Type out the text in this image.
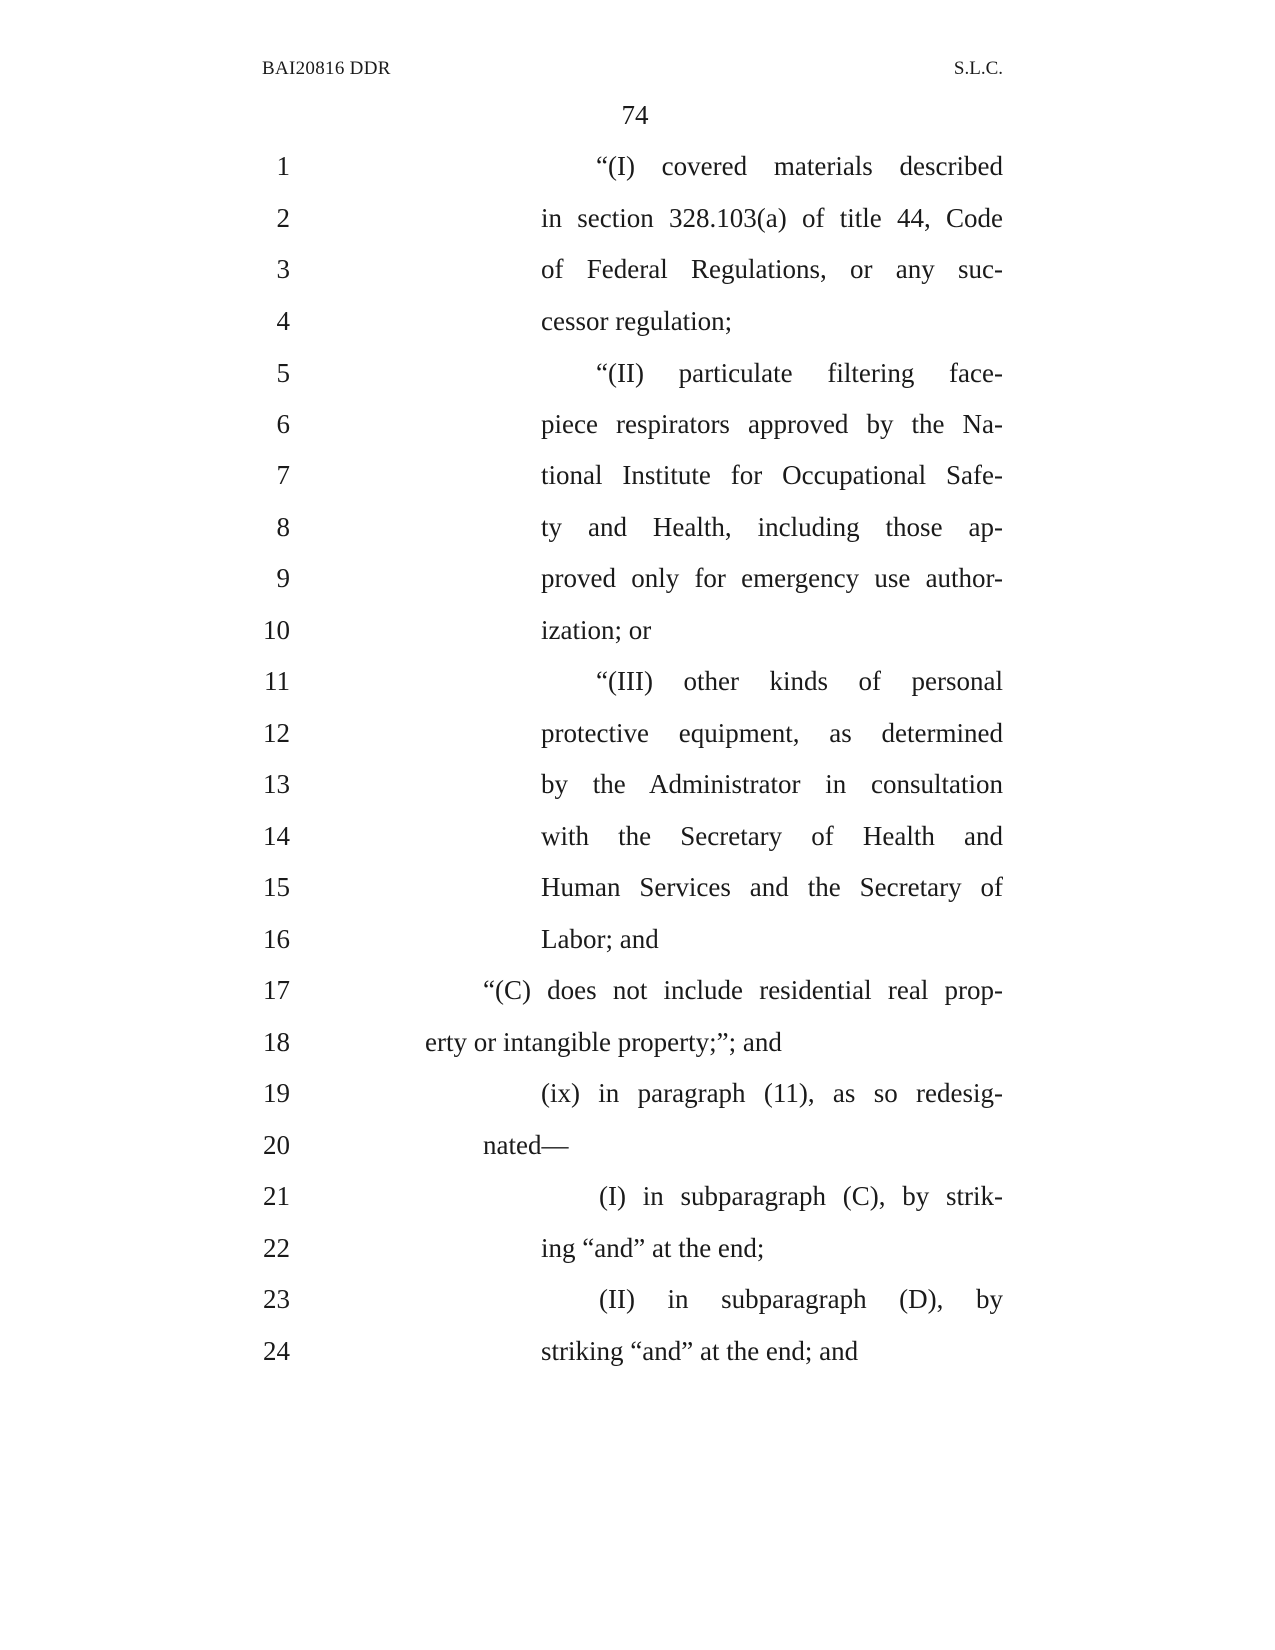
BAI20816 DDR	S.L.C.
74
1
2
3
4
5
6
7
8
9
10
11
12
13
14
15
16
17
18
19
20
21
22
23
24
“(I) covered materials described
in section 328.103(a) of title 44, Code
of Federal Regulations, or any suc-
cessor regulation;
“(II) particulate filtering face-
piece respirators approved by the Na-
tional Institute for Occupational Safe-
ty and Health, including those ap-
proved only for emergency use author-
ization; or
“(III) other kinds of personal
protective equipment, as determined
by the Administrator in consultation
with the Secretary of Health and
Human Services and the Secretary of
Labor; and
“(C) does not include residential real prop-
erty or intangible property;”; and
(ix) in paragraph (11), as so redesig-
nated—
(I) in subparagraph (C), by strik-
ing “and” at the end;
(II) in subparagraph (D), by
striking “and” at the end; and
